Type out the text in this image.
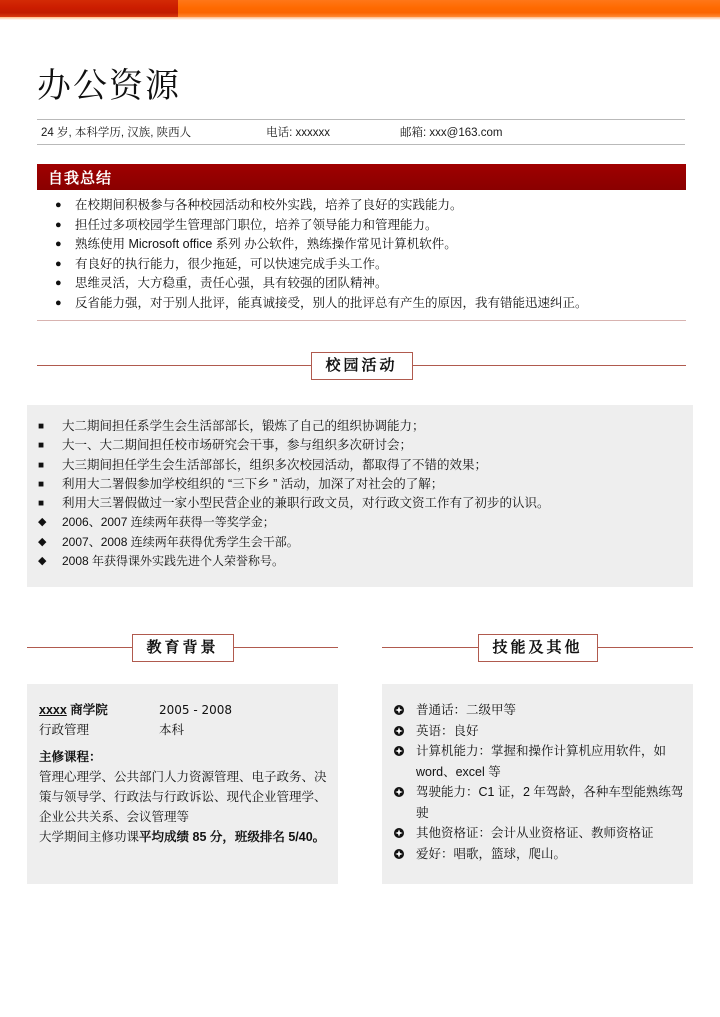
办公资源
24 岁, 本科学历, 汉族, 陕西人	电话: xxxxxx	邮箱: xxx@163.com
自我总结
●	在校期间积极参与各种校园活动和校外实践，培养了良好的实践能力。
●	担任过多项校园学生管理部门职位，培养了领导能力和管理能力。
●	熟练使用 Microsoft office 系列 办公软件，熟练操作常见计算机软件。
●	有良好的执行能力，很少拖延，可以快速完成手头工作。
●	思维灵活，大方稳重，责任心强，具有较强的团队精神。
●	反省能力强，对于别人批评，能真诚接受，别人的批评总有产生的原因，我有错能迅速纠正。
校园活动
■	大二期间担任系学生会生活部部长，锻炼了自己的组织协调能力；
■	大一、大二期间担任校市场研究会干事，参与组织多次研讨会；
■	大三期间担任学生会生活部部长，组织多次校园活动，都取得了不错的效果；
■	利用大二署假参加学校组织的 “三下乡 ” 活动，加深了对社会的了解；
■	利用大三署假做过一家小型民营企业的兼职行政文员，对行政文资工作有了初步的认识。
◆	2006、2007 连续两年获得一等奖学金；
◆	2007、2008 连续两年获得优秀学生会干部。
◆	2008 年获得课外实践先进个人荣誉称号。
教育背景
xxxx 商学院	2005 - 2008
行政管理	本科
主修课程：
管理心理学、公共部门人力资源管理、电子政务、决策与领导学、行政法与行政诉讼、现代企业管理学、企业公共关系、会议管理等
大学期间主修功课平均成绩 85 分，班级排名 5/40。
技能及其他
普通话：二级甲等
英语：良好
计算机能力：掌握和操作计算机应用软件，如 word、excel 等
驾驶能力：C1 证，2 年驾龄，各种车型能熟练驾驶
其他资格证：会计从业资格证、教师资格证
爱好：唱歌，篮球，爬山。
